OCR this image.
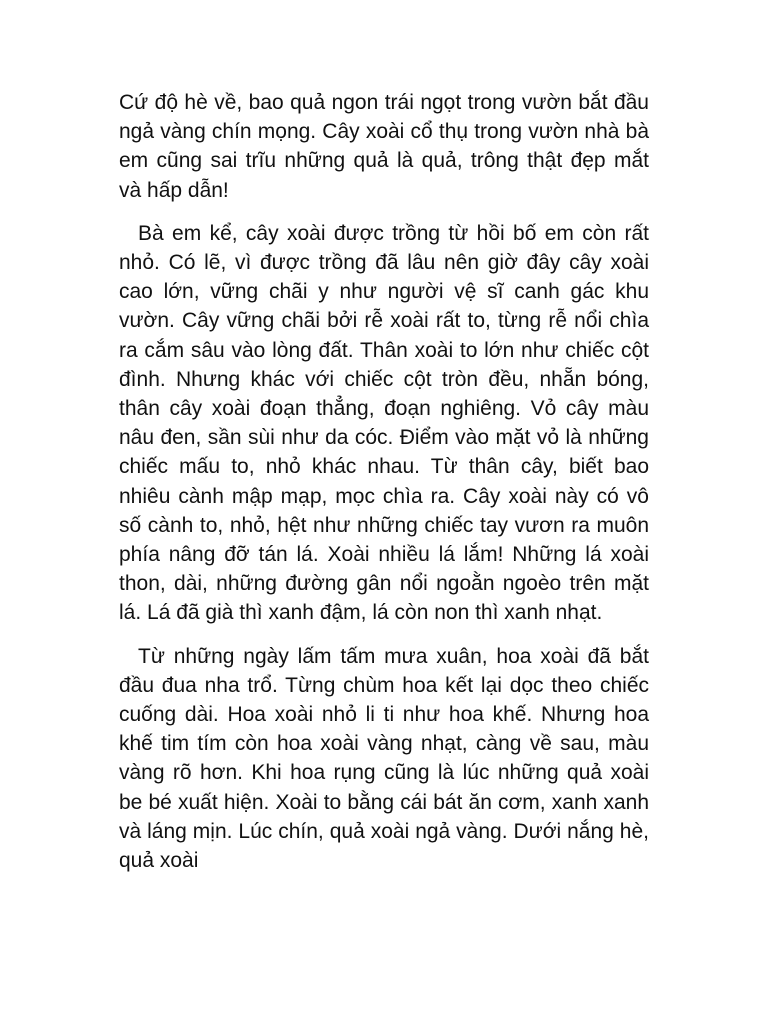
Cứ độ hè về, bao quả ngon trái ngọt trong vườn bắt đầu ngả vàng chín mọng. Cây xoài cổ thụ trong vườn nhà bà em cũng sai trĩu những quả là quả, trông thật đẹp mắt và hấp dẫn!

Bà em kể, cây xoài được trồng từ hồi bố em còn rất nhỏ. Có lẽ, vì được trồng đã lâu nên giờ đây cây xoài cao lớn, vững chãi y như người vệ sĩ canh gác khu vườn. Cây vững chãi bởi rễ xoài rất to, từng rễ nổi chìa ra cắm sâu vào lòng đất. Thân xoài to lớn như chiếc cột đình. Nhưng khác với chiếc cột tròn đều, nhẵn bóng, thân cây xoài đoạn thẳng, đoạn nghiêng. Vỏ cây màu nâu đen, sần sùi như da cóc. Điểm vào mặt vỏ là những chiếc mấu to, nhỏ khác nhau. Từ thân cây, biết bao nhiêu cành mập mạp, mọc chìa ra. Cây xoài này có vô số cành to, nhỏ, hệt như những chiếc tay vươn ra muôn phía nâng đỡ tán lá. Xoài nhiều lá lắm! Những lá xoài thon, dài, những đường gân nổi ngoằn ngoèo trên mặt lá. Lá đã già thì xanh đậm, lá còn non thì xanh nhạt.

Từ những ngày lấm tấm mưa xuân, hoa xoài đã bắt đầu đua nha trổ. Từng chùm hoa kết lại dọc theo chiếc cuống dài. Hoa xoài nhỏ li ti như hoa khế. Nhưng hoa khế tim tím còn hoa xoài vàng nhạt, càng về sau, màu vàng rõ hơn. Khi hoa rụng cũng là lúc những quả xoài be bé xuất hiện. Xoài to bằng cái bát ăn cơm, xanh xanh và láng mịn. Lúc chín, quả xoài ngả vàng. Dưới nắng hè, quả xoài
